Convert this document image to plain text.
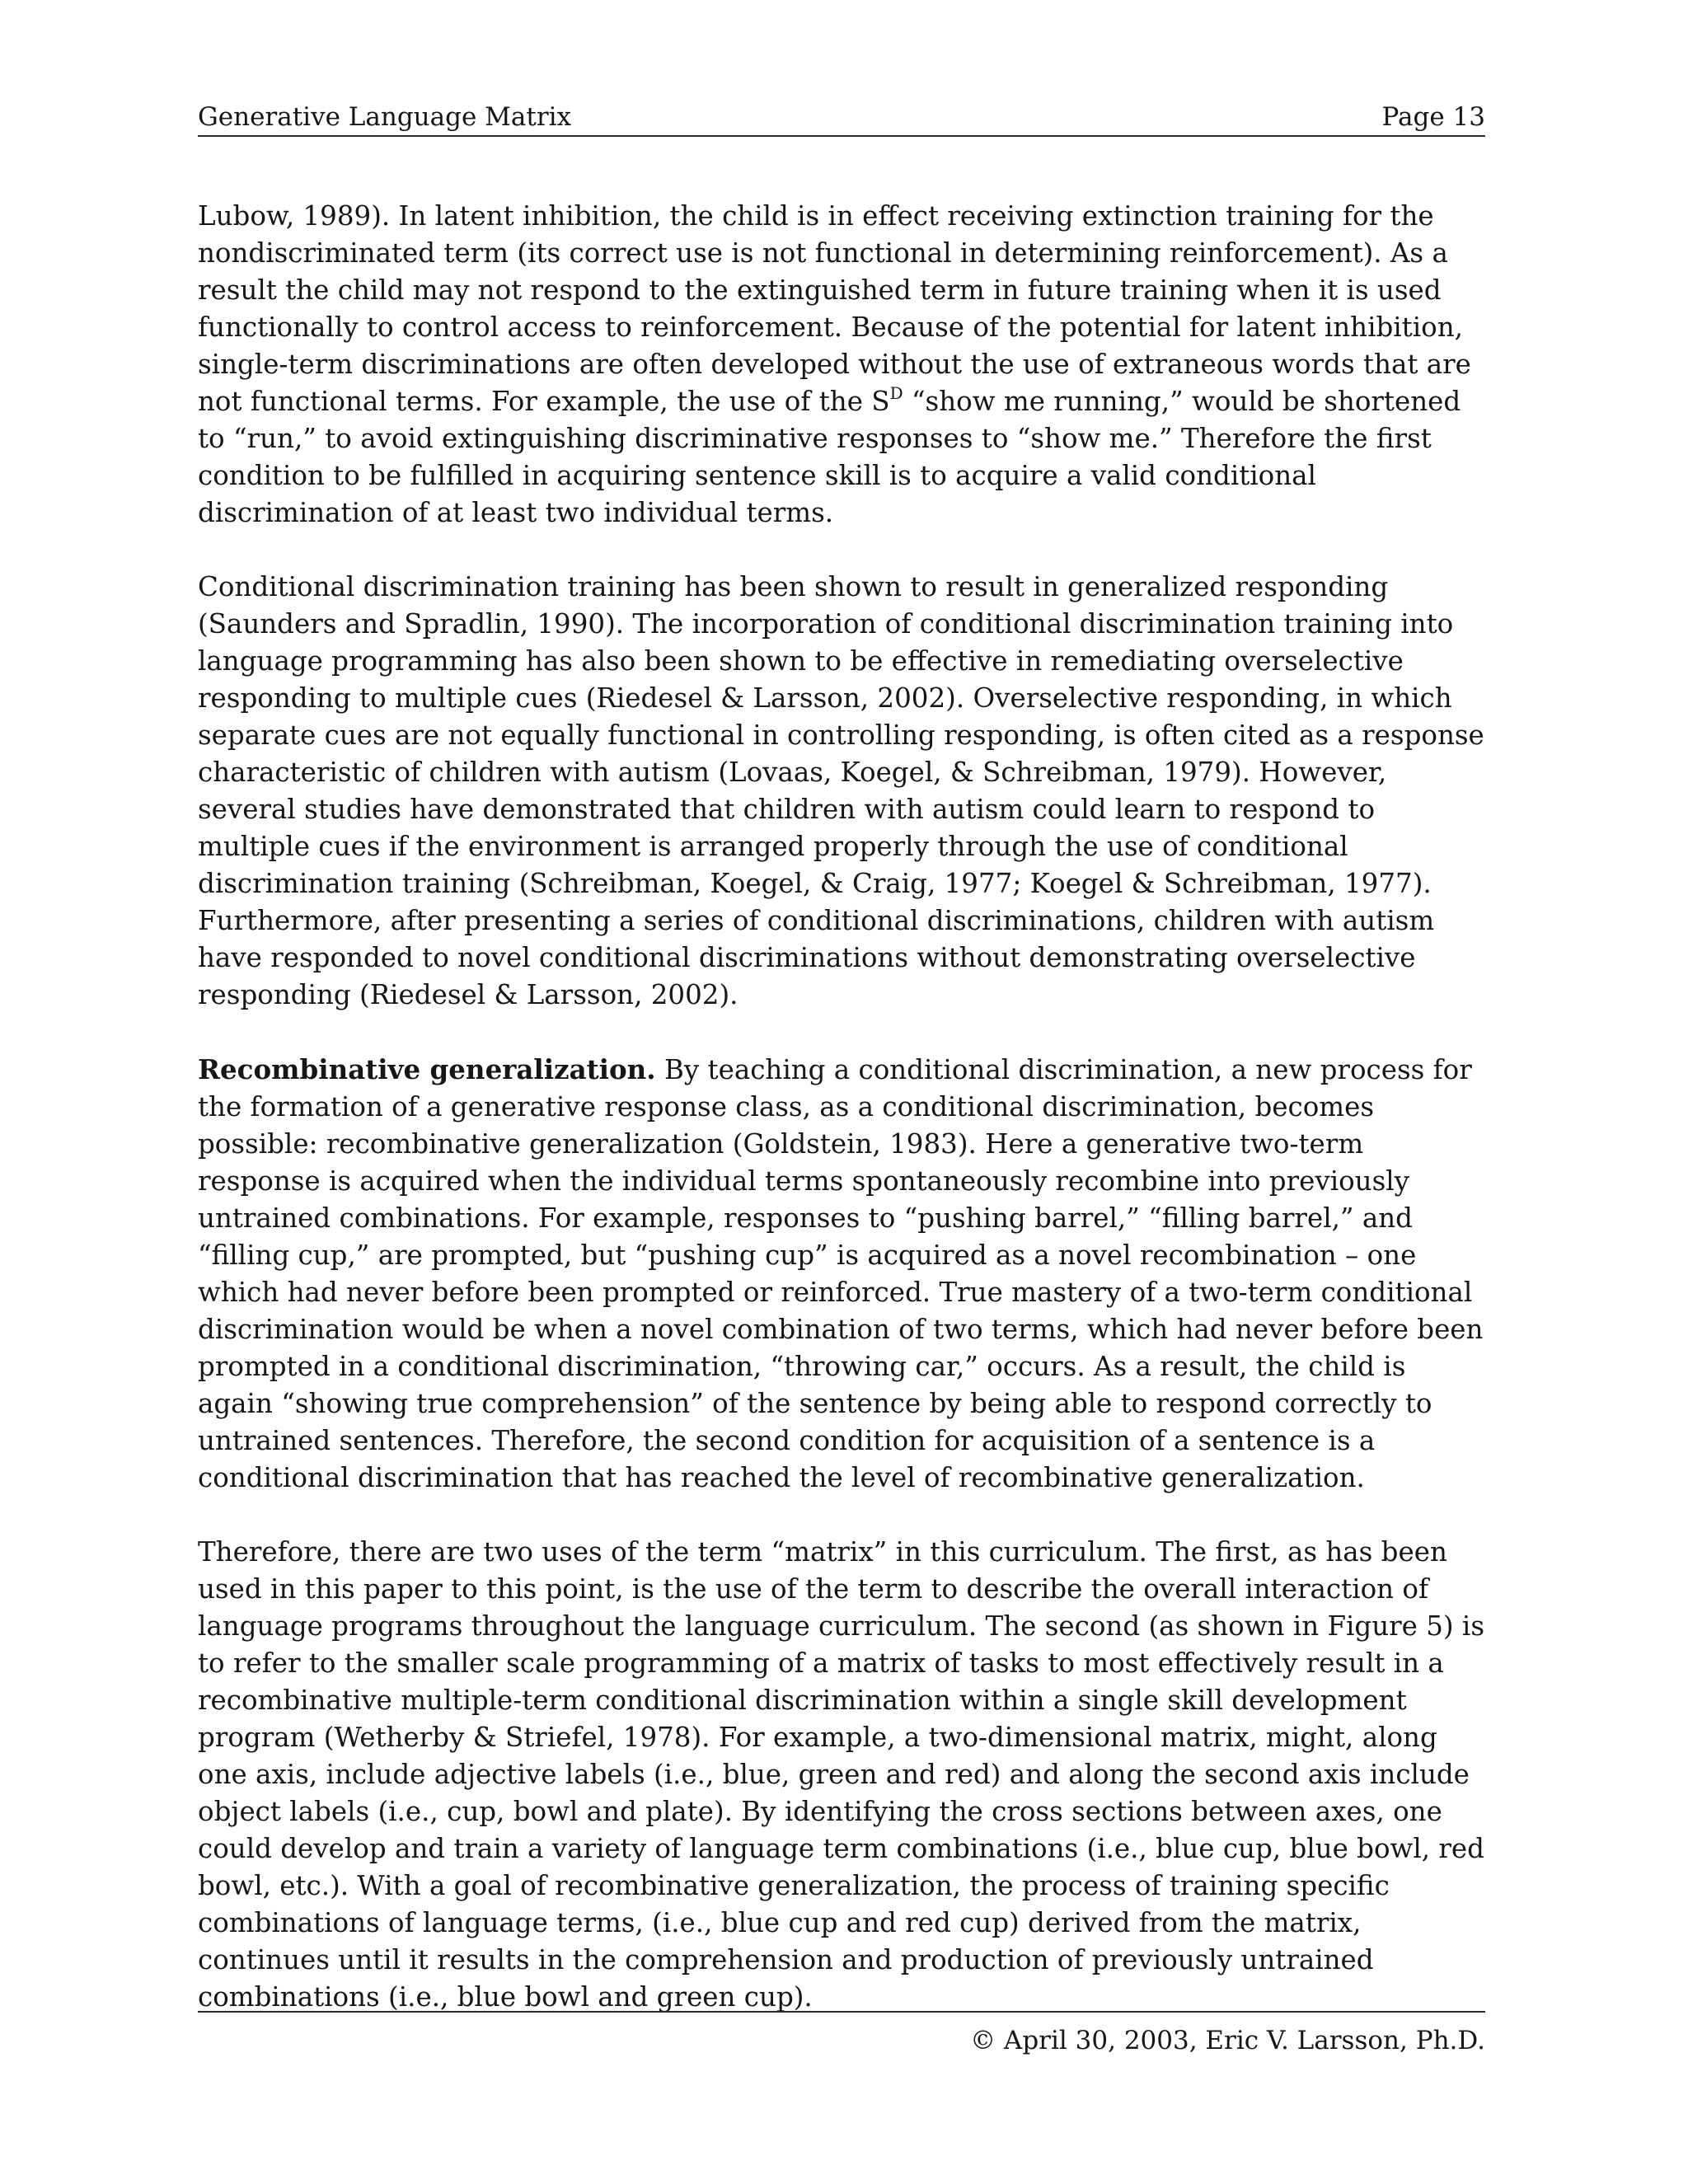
Generative Language Matrix	Page 13

Lubow, 1989). In latent inhibition, the child is in effect receiving extinction training for the nondiscriminated term (its correct use is not functional in determining reinforcement). As a result the child may not respond to the extinguished term in future training when it is used functionally to control access to reinforcement. Because of the potential for latent inhibition, single-term discriminations are often developed without the use of extraneous words that are not functional terms. For example, the use of the $S^D$ “show me running,” would be shortened to “run,” to avoid extinguishing discriminative responses to “show me.” Therefore the first condition to be fulfilled in acquiring sentence skill is to acquire a valid conditional discrimination of at least two individual terms.

Conditional discrimination training has been shown to result in generalized responding (Saunders and Spradlin, 1990). The incorporation of conditional discrimination training into language programming has also been shown to be effective in remediating overselective responding to multiple cues (Riedesel & Larsson, 2002). Overselective responding, in which separate cues are not equally functional in controlling responding, is often cited as a response characteristic of children with autism (Lovaas, Koegel, & Schreibman, 1979). However, several studies have demonstrated that children with autism could learn to respond to multiple cues if the environment is arranged properly through the use of conditional discrimination training (Schreibman, Koegel, & Craig, 1977; Koegel & Schreibman, 1977). Furthermore, after presenting a series of conditional discriminations, children with autism have responded to novel conditional discriminations without demonstrating overselective responding (Riedesel & Larsson, 2002).

Recombinative generalization. By teaching a conditional discrimination, a new process for the formation of a generative response class, as a conditional discrimination, becomes possible: recombinative generalization (Goldstein, 1983). Here a generative two-term response is acquired when the individual terms spontaneously recombine into previously untrained combinations. For example, responses to “pushing barrel,” “filling barrel,” and “filling cup,” are prompted, but “pushing cup” is acquired as a novel recombination – one which had never before been prompted or reinforced. True mastery of a two-term conditional discrimination would be when a novel combination of two terms, which had never before been prompted in a conditional discrimination, “throwing car,” occurs. As a result, the child is again “showing true comprehension” of the sentence by being able to respond correctly to untrained sentences. Therefore, the second condition for acquisition of a sentence is a conditional discrimination that has reached the level of recombinative generalization.

Therefore, there are two uses of the term “matrix” in this curriculum. The first, as has been used in this paper to this point, is the use of the term to describe the overall interaction of language programs throughout the language curriculum. The second (as shown in Figure 5) is to refer to the smaller scale programming of a matrix of tasks to most effectively result in a recombinative multiple-term conditional discrimination within a single skill development program (Wetherby & Striefel, 1978). For example, a two-dimensional matrix, might, along one axis, include adjective labels (i.e., blue, green and red) and along the second axis include object labels (i.e., cup, bowl and plate). By identifying the cross sections between axes, one could develop and train a variety of language term combinations (i.e., blue cup, blue bowl, red bowl, etc.). With a goal of recombinative generalization, the process of training specific combinations of language terms, (i.e., blue cup and red cup) derived from the matrix, continues until it results in the comprehension and production of previously untrained combinations (i.e., blue bowl and green cup).

© April 30, 2003, Eric V. Larsson, Ph.D.
